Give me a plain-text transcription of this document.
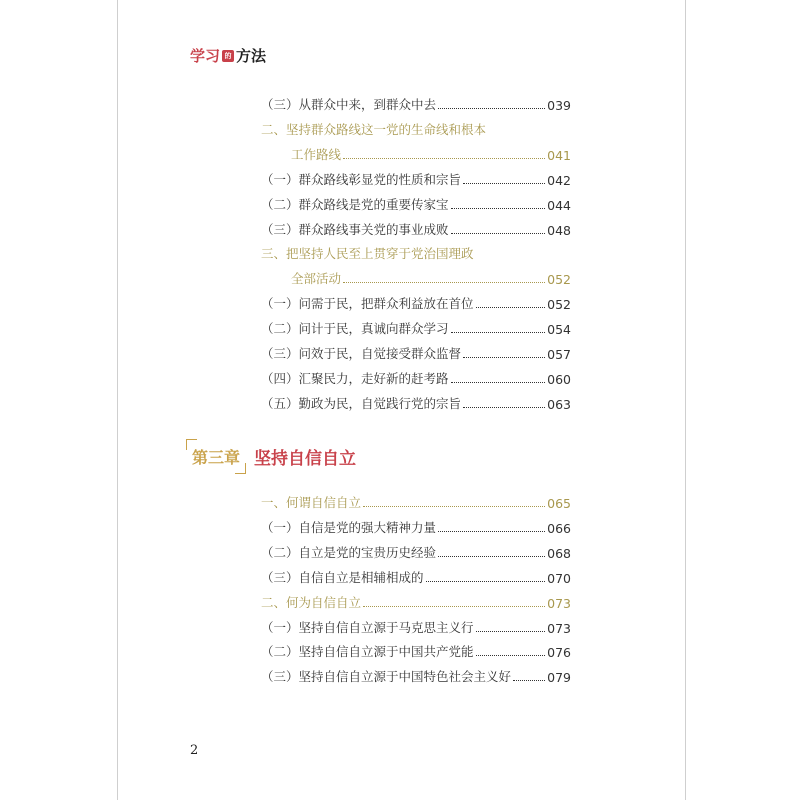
学习 的 方法
（三）从群众中来，到群众中去	039
二、坚持群众路线这一党的生命线和根本
工作路线	041
（一）群众路线彰显党的性质和宗旨	042
（二）群众路线是党的重要传家宝	044
（三）群众路线事关党的事业成败	048
三、把坚持人民至上贯穿于党治国理政
全部活动	052
（一）问需于民，把群众利益放在首位	052
（二）问计于民，真诚向群众学习	054
（三）问效于民，自觉接受群众监督	057
（四）汇聚民力，走好新的赶考路	060
（五）勤政为民，自觉践行党的宗旨	063
第三章 坚持自信自立
一、何谓自信自立	065
（一）自信是党的强大精神力量	066
（二）自立是党的宝贵历史经验	068
（三）自信自立是相辅相成的	070
二、何为自信自立	073
（一）坚持自信自立源于马克思主义行	073
（二）坚持自信自立源于中国共产党能	076
（三）坚持自信自立源于中国特色社会主义好	079
2
